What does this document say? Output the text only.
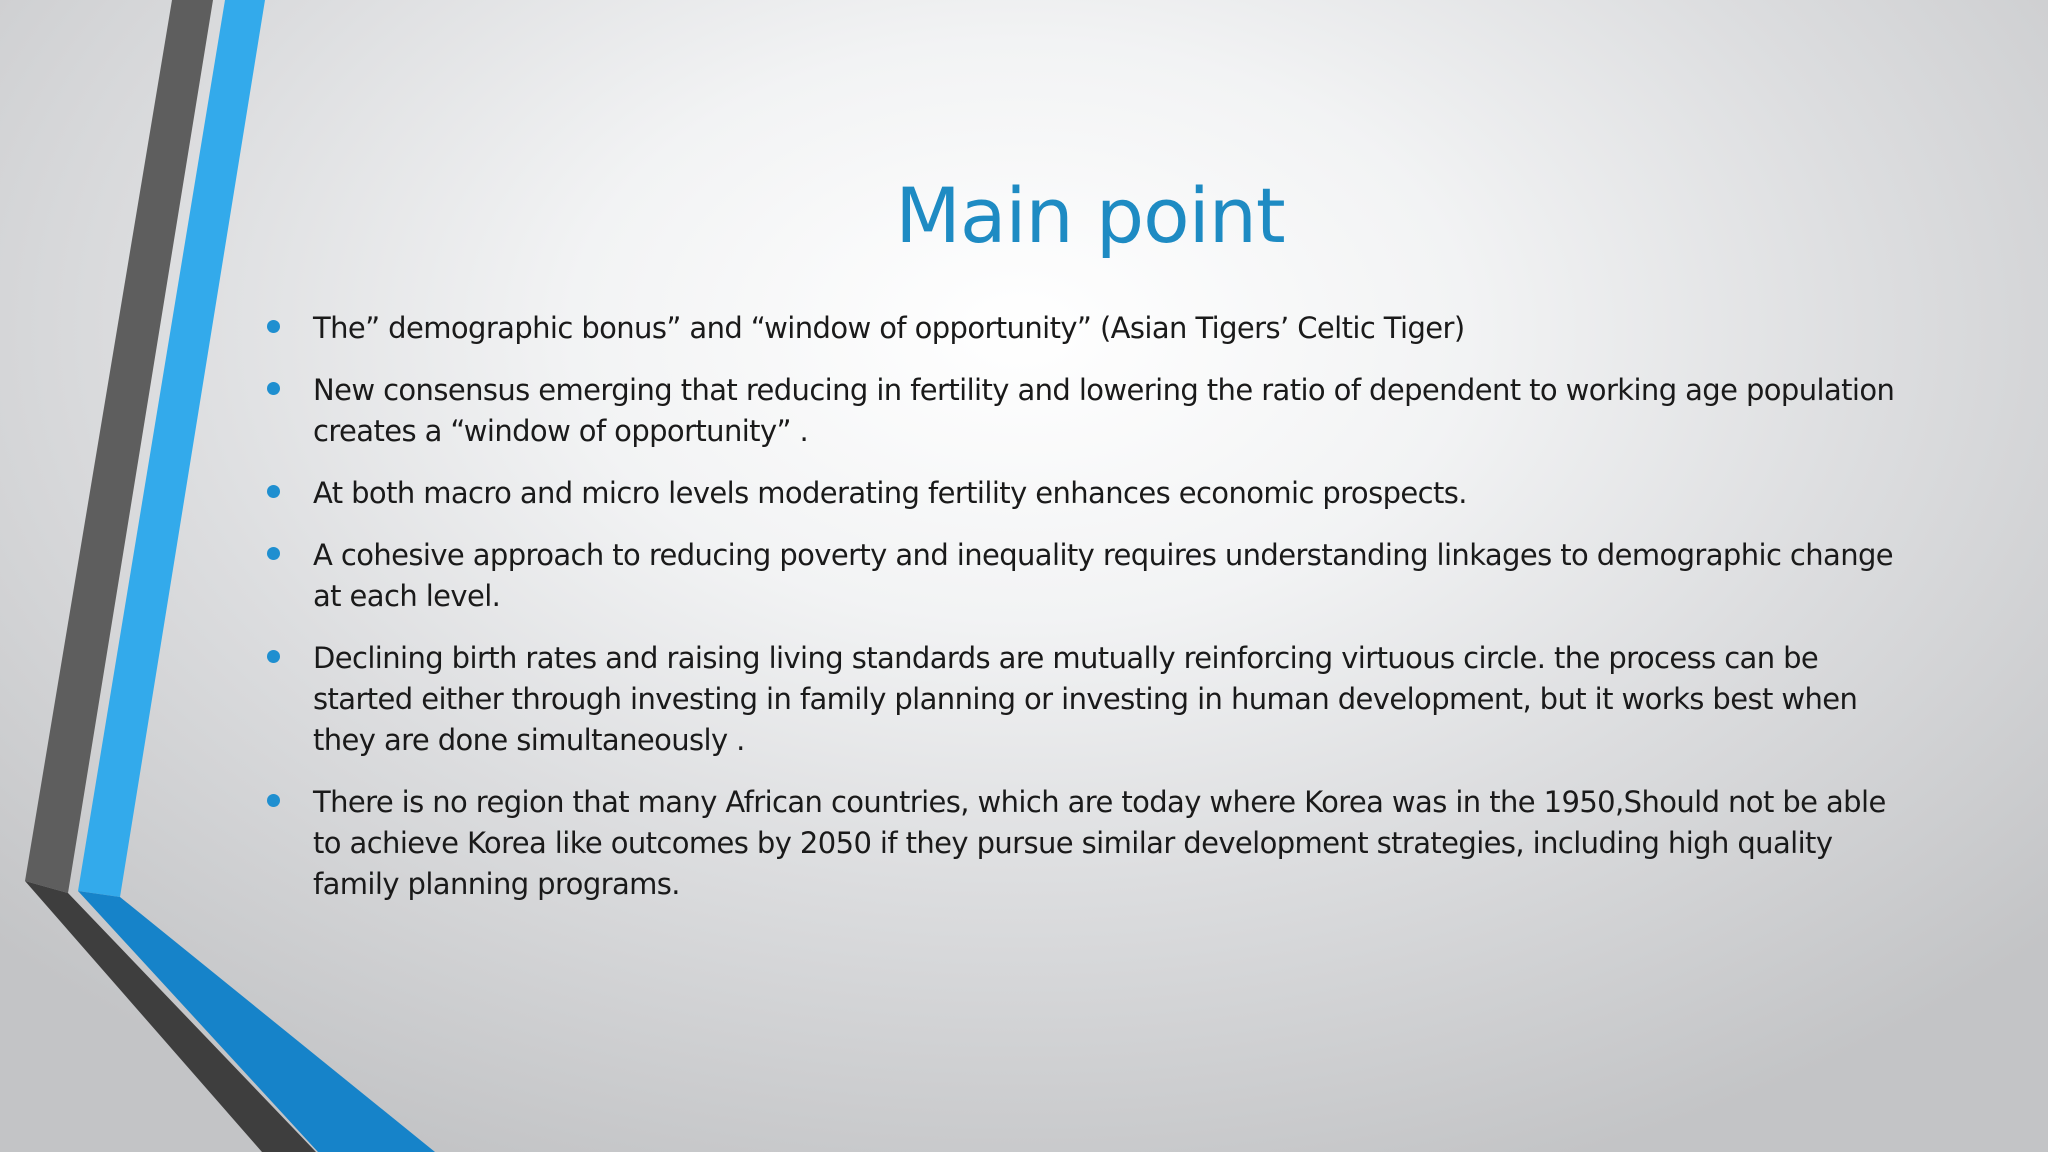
Main point
The” demographic bonus” and “window of opportunity” (Asian Tigers’ Celtic Tiger)
New consensus emerging that reducing in fertility and lowering the ratio of dependent to working age population creates a “window of opportunity” .
At both macro and micro levels moderating fertility enhances economic prospects.
A cohesive approach to reducing poverty and inequality requires understanding linkages to demographic change at each level.
Declining birth rates and raising living standards are mutually reinforcing virtuous circle. the process can be started either through investing in family planning or investing in human development, but it works best when they are done simultaneously .
There is no region that many African countries, which are today where Korea was in the 1950,Should not be able to achieve Korea like outcomes by 2050 if they pursue similar development strategies, including high quality family planning programs.
